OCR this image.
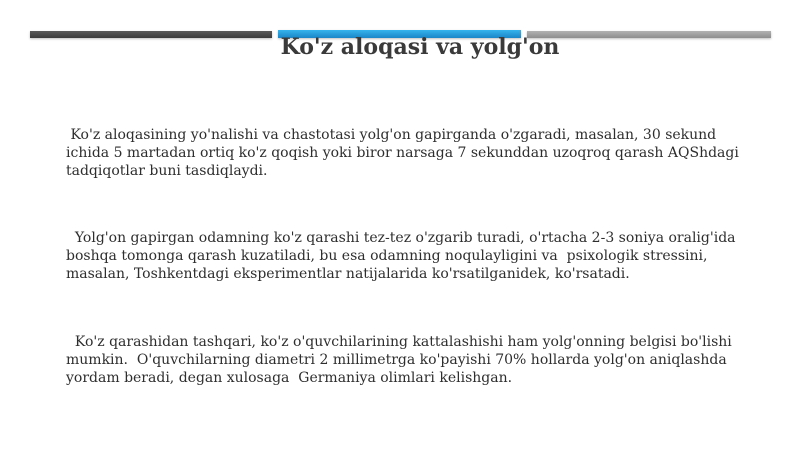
Ko'z aloqasi va yolg'on

Ko'z aloqasining yo'nalishi va chastotasi yolg'on gapirganda o'zgaradi, masalan, 30 sekund ichida 5 martadan ortiq ko'z qoqish yoki biror narsaga 7 sekunddan uzoqroq qarash AQShdagi tadqiqotlar buni tasdiqlaydi.

Yolg'on gapirgan odamning ko'z qarashi tez-tez o'zgarib turadi, o'rtacha 2-3 soniya oralig'ida boshqa tomonga qarash kuzatiladi, bu esa odamning noqulayligini va  psixologik stressini, masalan, Toshkentdagi eksperimentlar natijalarida ko'rsatilganidek, ko'rsatadi.

Ko'z qarashidan tashqari, ko'z o'quvchilarining kattalashishi ham yolg'onning belgisi bo'lishi mumkin.  O'quvchilarning diametri 2 millimetrga ko'payishi 70% hollarda yolg'on aniqlashda yordam beradi, degan xulosaga  Germaniya olimlari kelishgan.
